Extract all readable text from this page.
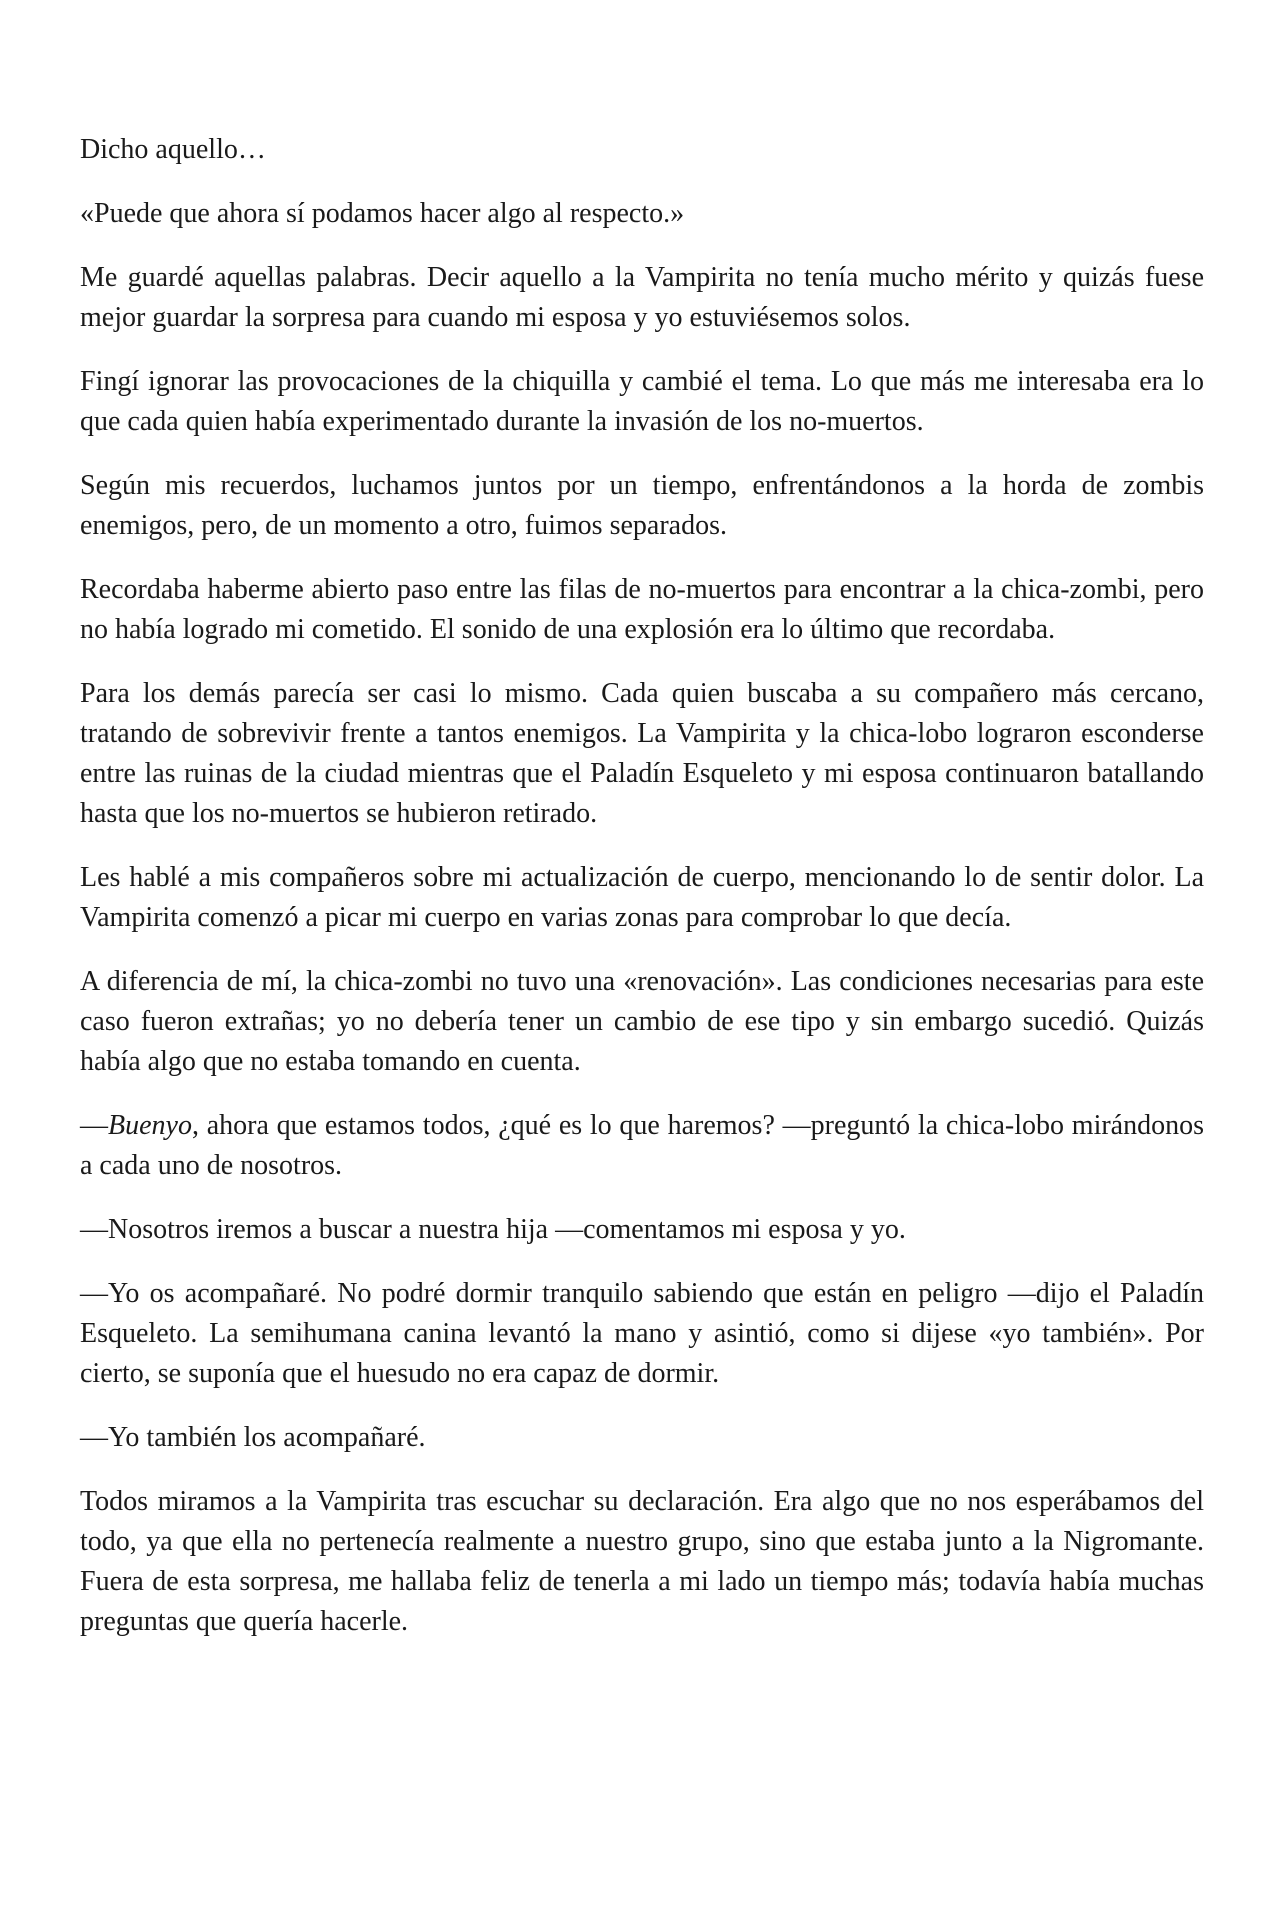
Dicho aquello…

«Puede que ahora sí podamos hacer algo al respecto.»

Me guardé aquellas palabras. Decir aquello a la Vampirita no tenía mucho mérito y quizás fuese mejor guardar la sorpresa para cuando mi esposa y yo estuviésemos solos.

Fingí ignorar las provocaciones de la chiquilla y cambié el tema. Lo que más me interesaba era lo que cada quien había experimentado durante la invasión de los no-muertos.

Según mis recuerdos, luchamos juntos por un tiempo, enfrentándonos a la horda de zombis enemigos, pero, de un momento a otro, fuimos separados.

Recordaba haberme abierto paso entre las filas de no-muertos para encontrar a la chica-zombi, pero no había logrado mi cometido. El sonido de una explosión era lo último que recordaba.

Para los demás parecía ser casi lo mismo. Cada quien buscaba a su compañero más cercano, tratando de sobrevivir frente a tantos enemigos. La Vampirita y la chica-lobo lograron esconderse entre las ruinas de la ciudad mientras que el Paladín Esqueleto y mi esposa continuaron batallando hasta que los no-muertos se hubieron retirado.

Les hablé a mis compañeros sobre mi actualización de cuerpo, mencionando lo de sentir dolor. La Vampirita comenzó a picar mi cuerpo en varias zonas para comprobar lo que decía.

A diferencia de mí, la chica-zombi no tuvo una «renovación». Las condiciones necesarias para este caso fueron extrañas; yo no debería tener un cambio de ese tipo y sin embargo sucedió. Quizás había algo que no estaba tomando en cuenta.

—Buenyo, ahora que estamos todos, ¿qué es lo que haremos? —preguntó la chica-lobo mirándonos a cada uno de nosotros.

—Nosotros iremos a buscar a nuestra hija —comentamos mi esposa y yo.

—Yo os acompañaré. No podré dormir tranquilo sabiendo que están en peligro —dijo el Paladín Esqueleto. La semihumana canina levantó la mano y asintió, como si dijese «yo también». Por cierto, se suponía que el huesudo no era capaz de dormir.

—Yo también los acompañaré.

Todos miramos a la Vampirita tras escuchar su declaración. Era algo que no nos esperábamos del todo, ya que ella no pertenecía realmente a nuestro grupo, sino que estaba junto a la Nigromante. Fuera de esta sorpresa, me hallaba feliz de tenerla a mi lado un tiempo más; todavía había muchas preguntas que quería hacerle.
